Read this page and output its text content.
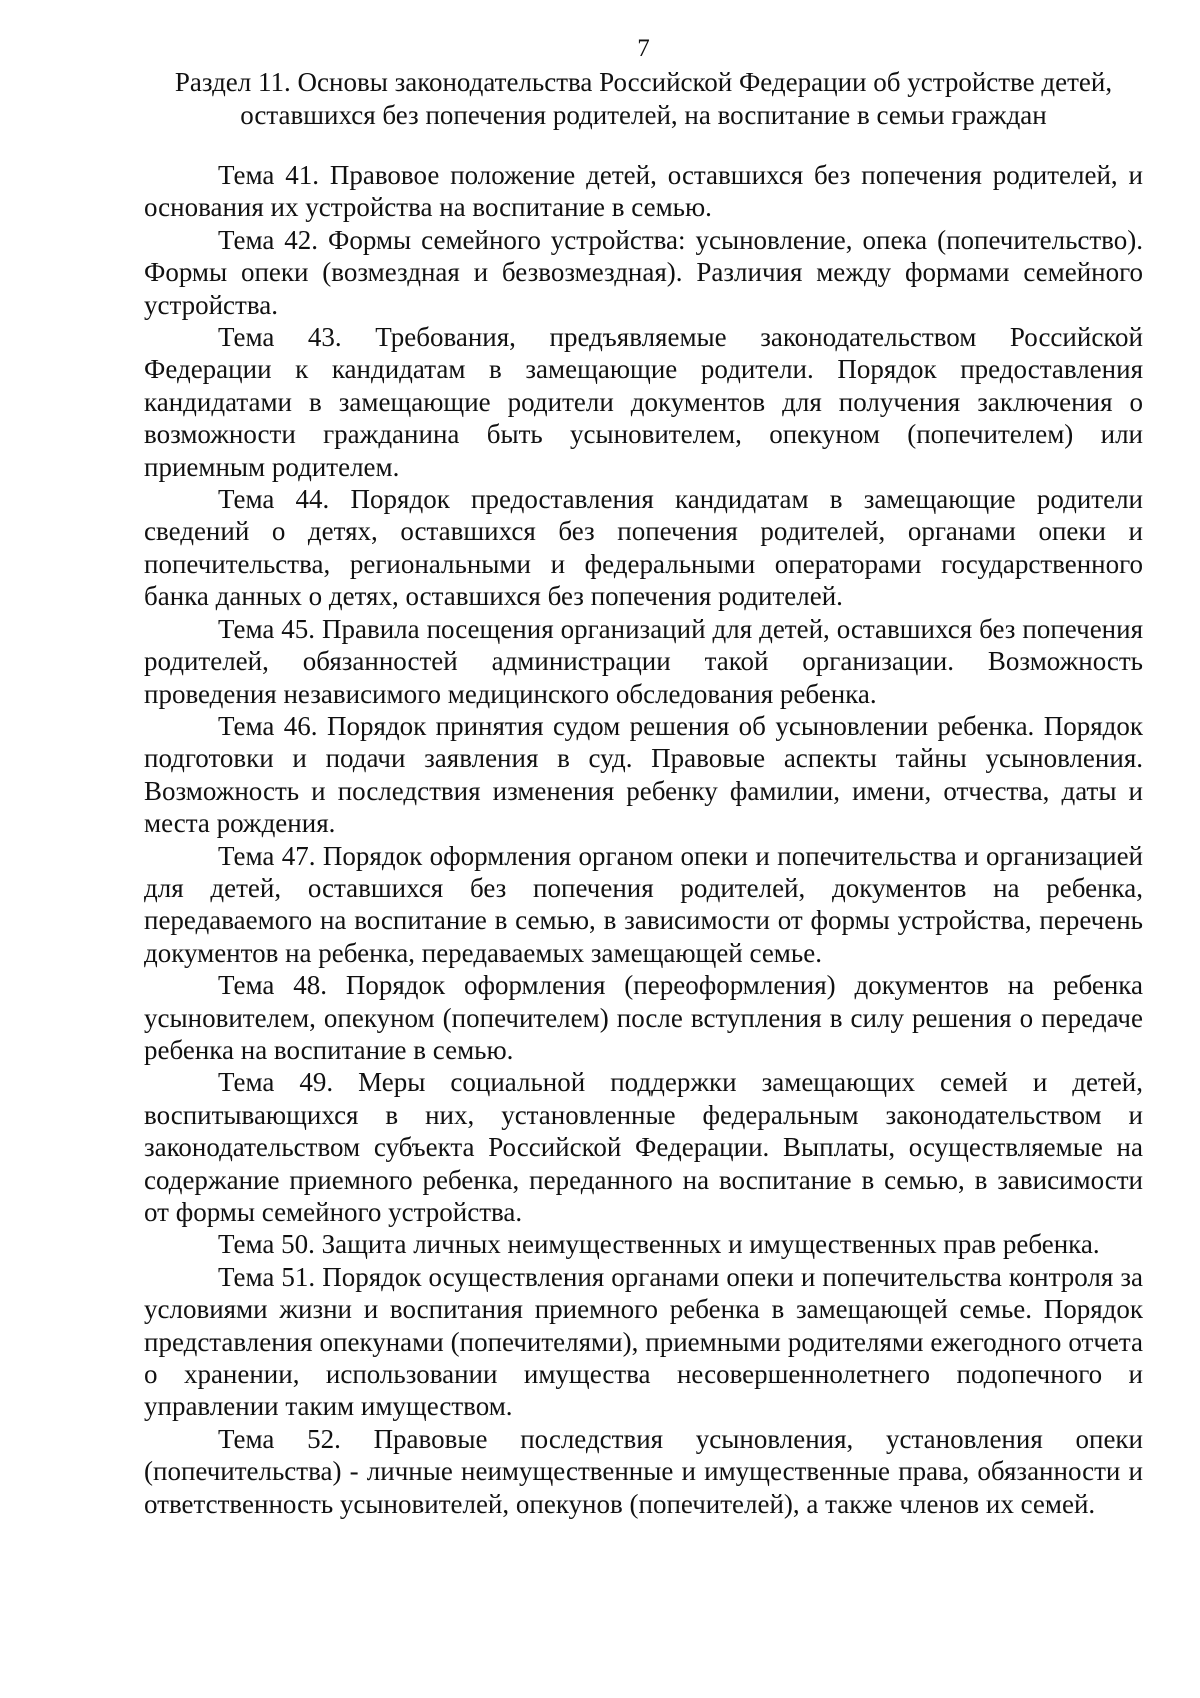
7
Раздел 11. Основы законодательства Российской Федерации об устройстве детей,
оставшихся без попечения родителей, на воспитание в семьи граждан

Тема 41. Правовое положение детей, оставшихся без попечения родителей, и основания их устройства на воспитание в семью.

Тема 42. Формы семейного устройства: усыновление, опека (попечительство). Формы опеки (возмездная и безвозмездная). Различия между формами семейного устройства.

Тема 43. Требования, предъявляемые законодательством Российской Федерации к кандидатам в замещающие родители. Порядок предоставления кандидатами в замещающие родители документов для получения заключения о возможности гражданина быть усыновителем, опекуном (попечителем) или приемным родителем.

Тема 44. Порядок предоставления кандидатам в замещающие родители сведений о детях, оставшихся без попечения родителей, органами опеки и попечительства, региональными и федеральными операторами государственного банка данных о детях, оставшихся без попечения родителей.

Тема 45. Правила посещения организаций для детей, оставшихся без попечения родителей, обязанностей администрации такой организации. Возможность проведения независимого медицинского обследования ребенка.

Тема 46. Порядок принятия судом решения об усыновлении ребенка. Порядок подготовки и подачи заявления в суд. Правовые аспекты тайны усыновления. Возможность и последствия изменения ребенку фамилии, имени, отчества, даты и места рождения.

Тема 47. Порядок оформления органом опеки и попечительства и организацией для детей, оставшихся без попечения родителей, документов на ребенка, передаваемого на воспитание в семью, в зависимости от формы устройства, перечень документов на ребенка, передаваемых замещающей семье.

Тема 48. Порядок оформления (переоформления) документов на ребенка усыновителем, опекуном (попечителем) после вступления в силу решения о передаче ребенка на воспитание в семью.

Тема 49. Меры социальной поддержки замещающих семей и детей, воспитывающихся в них, установленные федеральным законодательством и законодательством субъекта Российской Федерации. Выплаты, осуществляемые на содержание приемного ребенка, переданного на воспитание в семью, в зависимости от формы семейного устройства.

Тема 50. Защита личных неимущественных и имущественных прав ребенка.

Тема 51. Порядок осуществления органами опеки и попечительства контроля за условиями жизни и воспитания приемного ребенка в замещающей семье. Порядок представления опекунами (попечителями), приемными родителями ежегодного отчета о хранении, использовании имущества несовершеннолетнего подопечного и управлении таким имуществом.

Тема 52. Правовые последствия усыновления, установления опеки (попечительства) - личные неимущественные и имущественные права, обязанности и ответственность усыновителей, опекунов (попечителей), а также членов их семей.
